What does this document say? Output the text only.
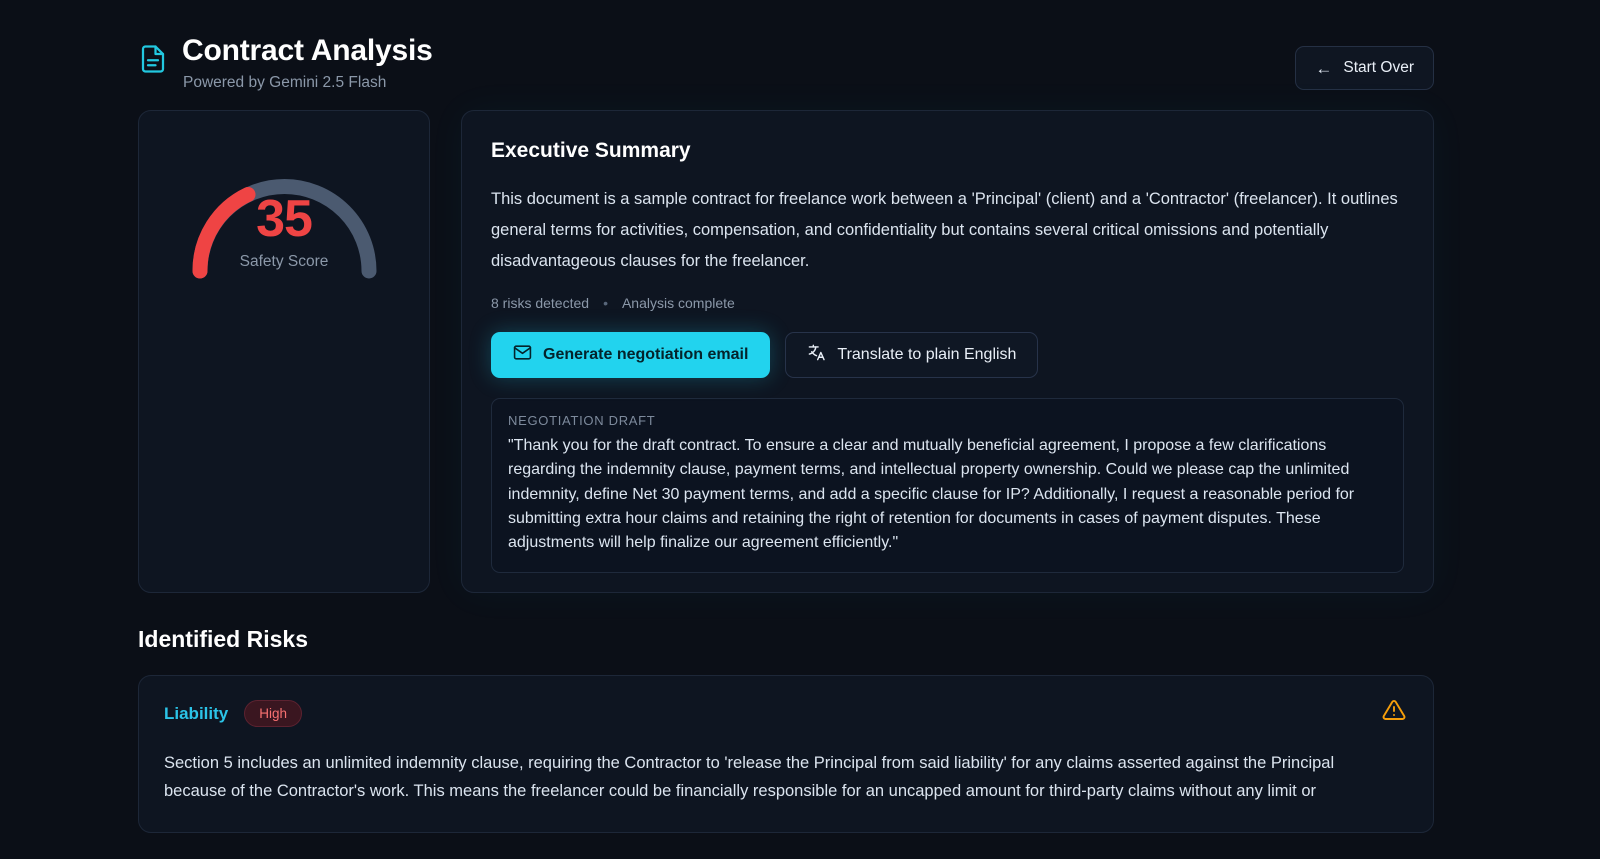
Contract Analysis
Powered by Gemini 2.5 Flash
← Start Over
35
Safety Score
Executive Summary

This document is a sample contract for freelance work between a 'Principal' (client) and a 'Contractor' (freelancer). It outlines general terms for activities, compensation, and confidentiality but contains several critical omissions and potentially disadvantageous clauses for the freelancer.

8 risks detected • Analysis complete
Generate negotiation email	Translate to plain English
NEGOTIATION DRAFT

"Thank you for the draft contract. To ensure a clear and mutually beneficial agreement, I propose a few clarifications regarding the indemnity clause, payment terms, and intellectual property ownership. Could we please cap the unlimited indemnity, define Net 30 payment terms, and add a specific clause for IP? Additionally, I request a reasonable period for submitting extra hour claims and retaining the right of retention for documents in cases of payment disputes. These adjustments will help finalize our agreement efficiently."

Identified Risks
Liability	High

Section 5 includes an unlimited indemnity clause, requiring the Contractor to 'release the Principal from said liability' for any claims asserted against the Principal because of the Contractor's work. This means the freelancer could be financially responsible for an uncapped amount for third-party claims without any limit or
